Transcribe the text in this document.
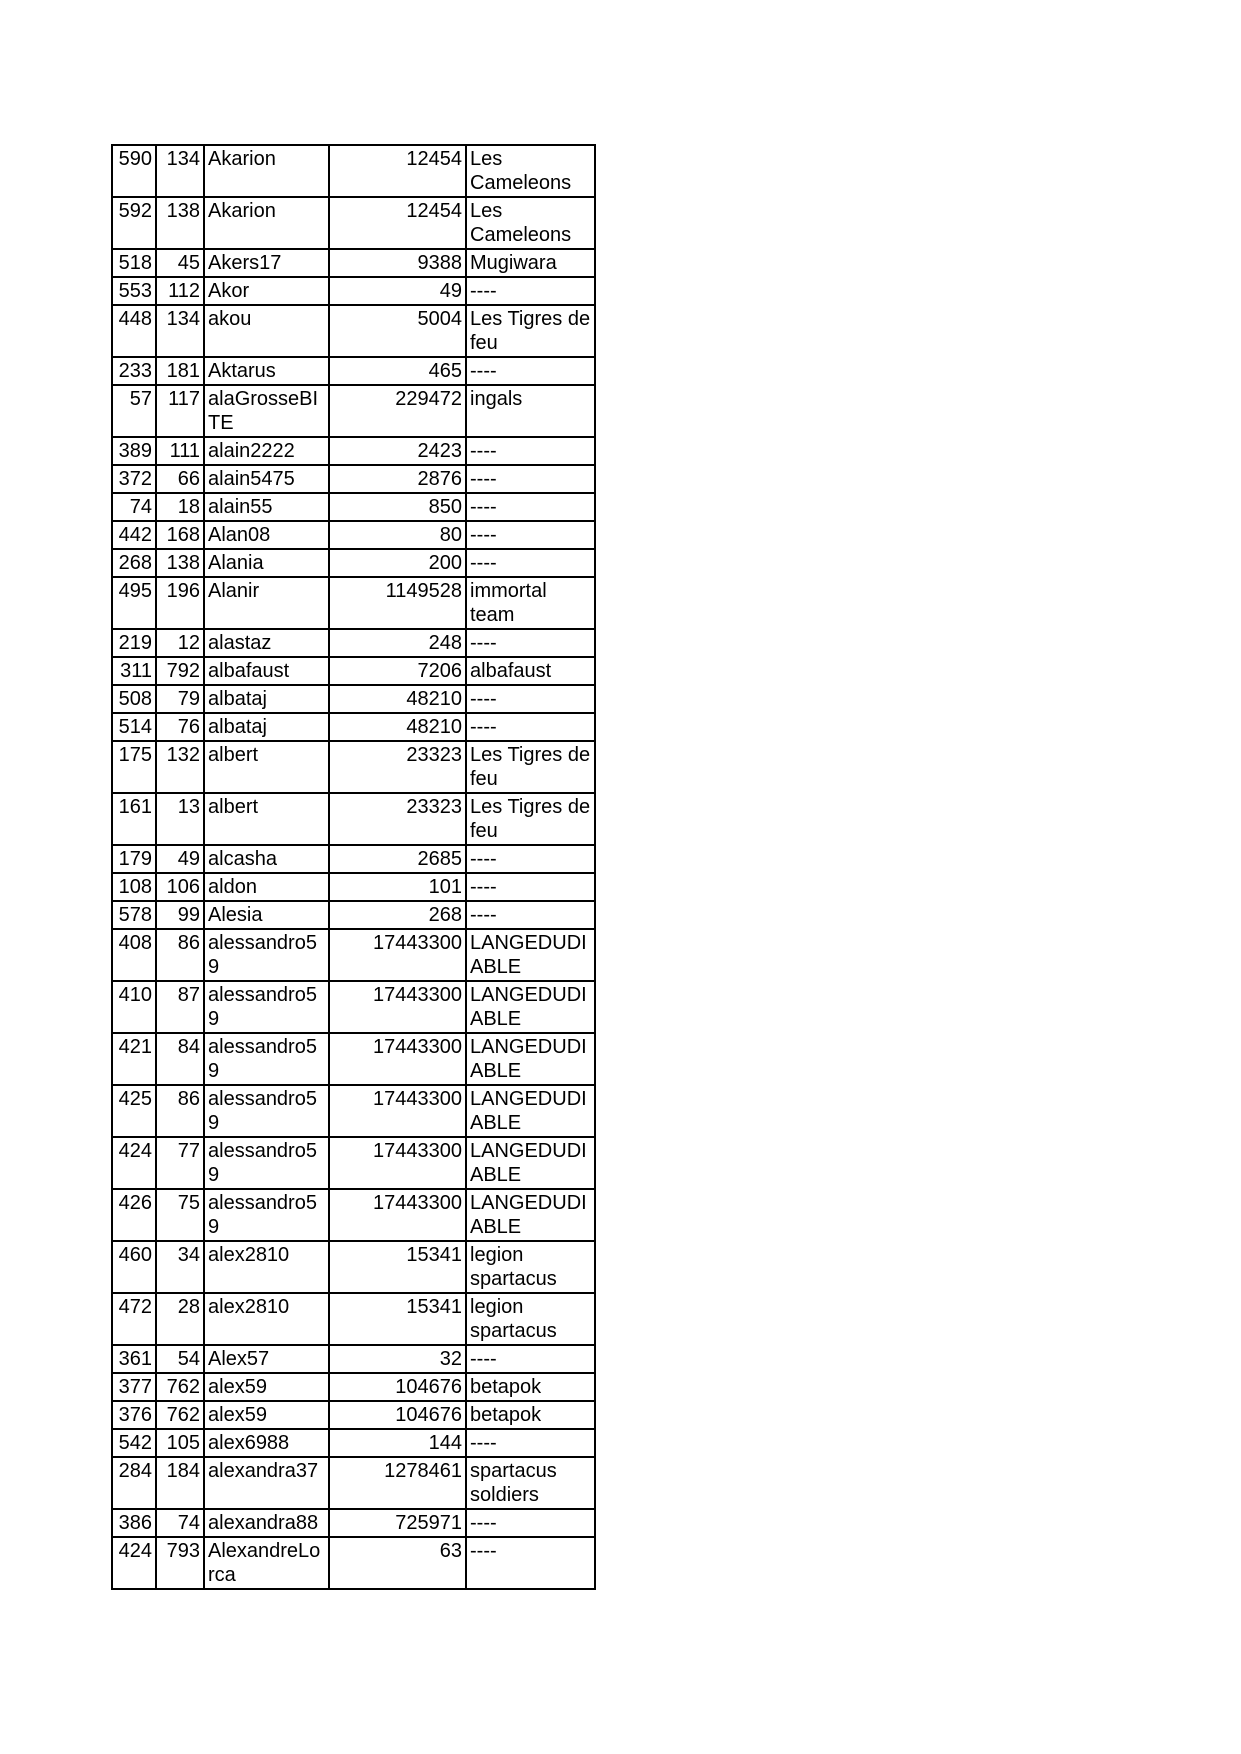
590	134	Akarion	12454	Les Cameleons
592	138	Akarion	12454	Les Cameleons
518	45	Akers17	9388	Mugiwara
553	112	Akor	49	----
448	134	akou	5004	Les Tigres de feu
233	181	Aktarus	465	----
57	117	alaGrosseBITE	229472	ingals
389	111	alain2222	2423	----
372	66	alain5475	2876	----
74	18	alain55	850	----
442	168	Alan08	80	----
268	138	Alania	200	----
495	196	Alanir	1149528	immortal team
219	12	alastaz	248	----
311	792	albafaust	7206	albafaust
508	79	albataj	48210	----
514	76	albataj	48210	----
175	132	albert	23323	Les Tigres de feu
161	13	albert	23323	Les Tigres de feu
179	49	alcasha	2685	----
108	106	aldon	101	----
578	99	Alesia	268	----
408	86	alessandro59	17443300	LANGEDUDIABLE
410	87	alessandro59	17443300	LANGEDUDIABLE
421	84	alessandro59	17443300	LANGEDUDIABLE
425	86	alessandro59	17443300	LANGEDUDIABLE
424	77	alessandro59	17443300	LANGEDUDIABLE
426	75	alessandro59	17443300	LANGEDUDIABLE
460	34	alex2810	15341	legion spartacus
472	28	alex2810	15341	legion spartacus
361	54	Alex57	32	----
377	762	alex59	104676	betapok
376	762	alex59	104676	betapok
542	105	alex6988	144	----
284	184	alexandra37	1278461	spartacus soldiers
386	74	alexandra88	725971	----
424	793	AlexandreLorca	63	----
